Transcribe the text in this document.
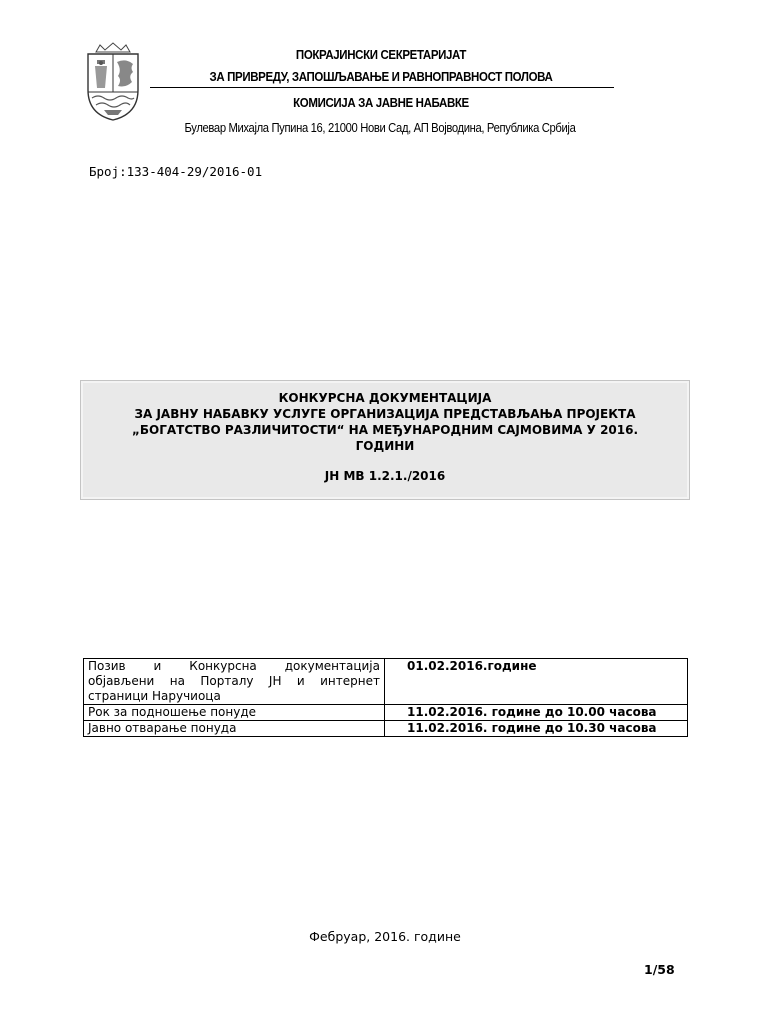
ПОКРАЈИНСКИ СЕКРЕТАРИЈАТ
ЗА ПРИВРЕДУ, ЗАПОШЉАВАЊЕ И РАВНОПРАВНОСТ ПОЛОВА
КОМИСИЈА ЗА ЈАВНЕ НАБАВКЕ
Булевар Михајла Пупина 16, 21000 Нови Сад, АП Војводина, Република Србија
Број:133-404-29/2016-01
КОНКУРСНА ДОКУМЕНТАЦИЈА
ЗА ЈАВНУ НАБАВКУ УСЛУГЕ ОРГАНИЗАЦИЈА ПРЕДСТАВЉАЊА ПРОЈЕКТА
„БОГАТСТВО РАЗЛИЧИТОСТИ“ НА МЕЂУНАРОДНИМ САЈМОВИМА У 2016.
ГОДИНИ
ЈН МВ 1.2.1./2016
Позив и Конкурсна документација
објављени на Порталу ЈН и интернет
страници Наручиоца	01.02.2016.године
Рок за подношење понуде	11.02.2016. године до 10.00 часова
Јавно отварање понуда	11.02.2016. године до 10.30 часова
Фебруар, 2016. године
1/58
